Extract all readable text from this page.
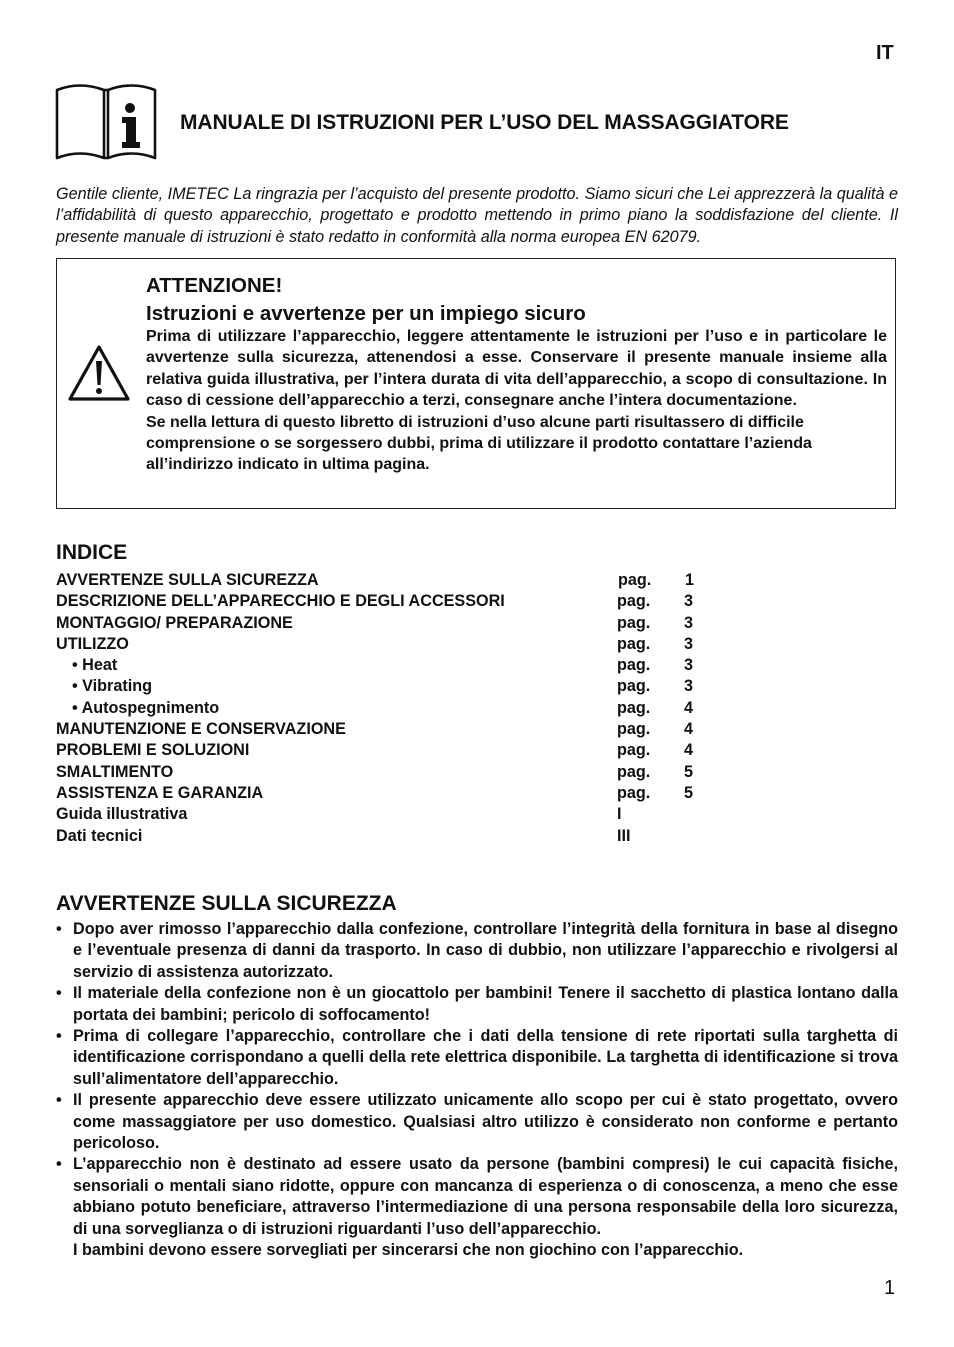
IT
MANUALE DI ISTRUZIONI PER L’USO DEL MASSAGGIATORE
Gentile cliente, IMETEC La ringrazia per l’acquisto del presente prodotto. Siamo sicuri che Lei apprezzerà la qualità e l’affidabilità di questo apparecchio, progettato e prodotto mettendo in primo piano la soddisfazione del cliente. Il presente manuale di istruzioni è stato redatto in conformità alla norma europea EN 62079.
ATTENZIONE!
Istruzioni e avvertenze per un impiego sicuro
Prima di utilizzare l’apparecchio, leggere attentamente le istruzioni per l’uso e in particolare le avvertenze sulla sicurezza, attenendosi a esse. Conservare il presente manuale insieme alla relativa guida illustrativa, per l’intera durata di vita dell’apparecchio, a scopo di consultazione. In caso di cessione dell’apparecchio a terzi, consegnare anche l’intera documentazione.
Se nella lettura di questo libretto di istruzioni d’uso alcune parti risultassero di difficile comprensione o se sorgessero dubbi, prima di utilizzare il prodotto contattare l’azienda all’indirizzo indicato in ultima pagina.
INDICE
AVVERTENZE SULLA SICUREZZA	pag. 1
DESCRIZIONE DELL’APPARECCHIO E DEGLI ACCESSORI	pag. 3
MONTAGGIO/ PREPARAZIONE	pag. 3
UTILIZZO	pag. 3
• Heat	pag. 3
• Vibrating	pag. 3
• Autospegnimento	pag. 4
MANUTENZIONE E CONSERVAZIONE	pag. 4
PROBLEMI E SOLUZIONI	pag. 4
SMALTIMENTO	pag. 5
ASSISTENZA E GARANZIA	pag. 5
Guida illustrativa	I
Dati tecnici	III
AVVERTENZE SULLA SICUREZZA
• Dopo aver rimosso l’apparecchio dalla confezione, controllare l’integrità della fornitura in base al disegno e l’eventuale presenza di danni da trasporto. In caso di dubbio, non utilizzare l’apparecchio e rivolgersi al servizio di assistenza autorizzato.
• Il materiale della confezione non è un giocattolo per bambini! Tenere il sacchetto di plastica lontano dalla portata dei bambini; pericolo di soffocamento!
• Prima di collegare l’apparecchio, controllare che i dati della tensione di rete riportati sulla targhetta di identificazione corrispondano a quelli della rete elettrica disponibile. La targhetta di identificazione si trova sull’alimentatore dell’apparecchio.
• Il presente apparecchio deve essere utilizzato unicamente allo scopo per cui è stato progettato, ovvero come massaggiatore per uso domestico. Qualsiasi altro utilizzo è considerato non conforme e pertanto pericoloso.
• L’apparecchio non è destinato ad essere usato da persone (bambini compresi) le cui capacità fisiche, sensoriali o mentali siano ridotte, oppure con mancanza di esperienza o di conoscenza, a meno che esse abbiano potuto beneficiare, attraverso l’intermediazione di una persona responsabile della loro sicurezza, di una sorveglianza o di istruzioni riguardanti l’uso dell’apparecchio.
I bambini devono essere sorvegliati per sincerarsi che non giochino con l’apparecchio.
1
